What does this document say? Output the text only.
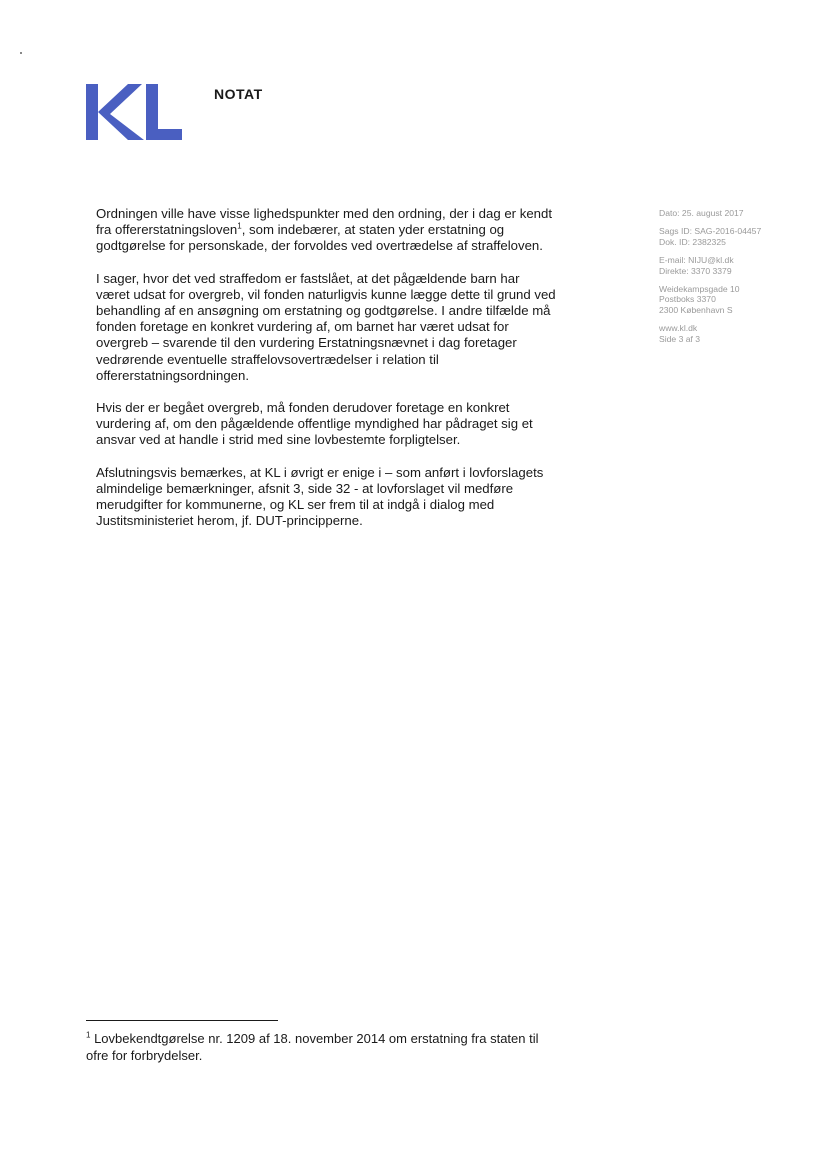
NOTAT

Ordningen ville have visse lighedspunkter med den ordning, der i dag er kendt fra offererstatningsloven$^1$, som indebærer, at staten yder erstatning og godtgørelse for personskade, der forvoldes ved overtrædelse af straffeloven.

I sager, hvor det ved straffedom er fastslået, at det pågældende barn har været udsat for overgreb, vil fonden naturligvis kunne lægge dette til grund ved behandling af en ansøgning om erstatning og godtgørelse. I andre tilfælde må fonden foretage en konkret vurdering af, om barnet har været udsat for overgreb – svarende til den vurdering Erstatningsnævnet i dag foretager vedrørende eventuelle straffelovsovertrædelser i relation til offererstatningsordningen.

Hvis der er begået overgreb, må fonden derudover foretage en konkret vurdering af, om den pågældende offentlige myndighed har pådraget sig et ansvar ved at handle i strid med sine lovbestemte forpligtelser.

Afslutningsvis bemærkes, at KL i øvrigt er enige i – som anført i lovforslagets almindelige bemærkninger, afsnit 3, side 32 - at lovforslaget vil medføre merudgifter for kommunerne, og KL ser frem til at indgå i dialog med Justitsministeriet herom, jf. DUT-principperne.

Dato: 25. august 2017
Sags ID: SAG-2016-04457
Dok. ID: 2382325
E-mail: NIJU@kl.dk
Direkte: 3370 3379
Weidekampsgade 10
Postboks 3370
2300 København S
www.kl.dk
Side 3 af 3
$^1$ Lovbekendtgørelse nr. 1209 af 18. november 2014 om erstatning fra staten til ofre for forbrydelser.
